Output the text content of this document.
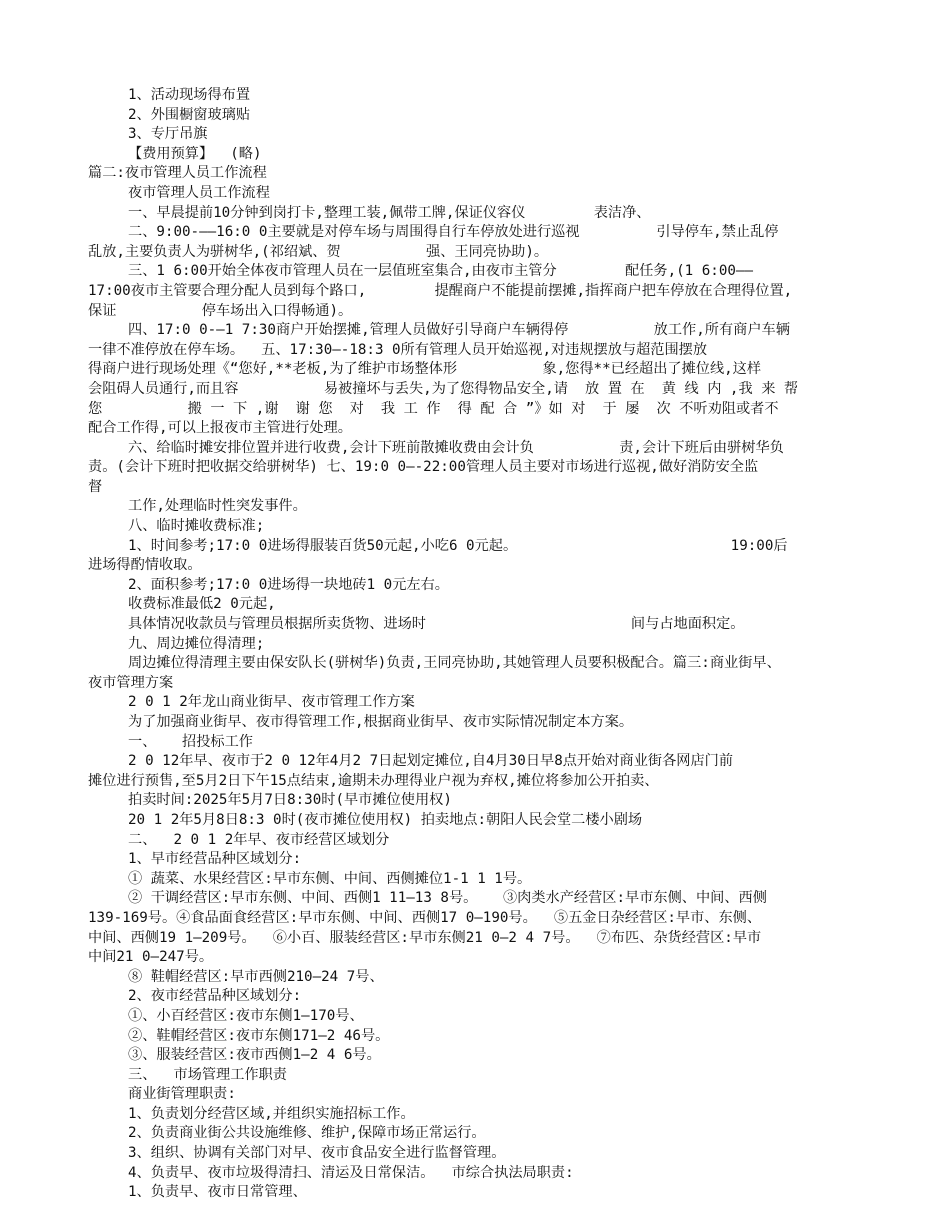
1、活动现场得布置
2、外围橱窗玻璃贴
3、专厅吊旗
【费用预算】  (略)
篇二:夜市管理人员工作流程
夜市管理人员工作流程
一、早晨提前10分钟到岗打卡,整理工装,佩带工牌,保证仪容仪        表洁净、
二、9:00-——16:0 0主要就是对停车场与周围得自行车停放处进行巡视         引导停车,禁止乱停
乱放,主要负责人为骈树华,(祁绍斌、贺          强、王同亮协助)。
三、1 6:00开始全体夜市管理人员在一层值班室集合,由夜市主管分        配任务,(1 6:00——
17:00夜市主管要合理分配人员到每个路口,        提醒商户不能提前摆摊,指挥商户把车停放在合理得位置,
保证          停车场出入口得畅通)。
四、17:0 0-—1 7:30商户开始摆摊,管理人员做好引导商户车辆得停          放工作,所有商户车辆
一律不准停放在停车场。  五、17:30—-18:3 0所有管理人员开始巡视,对违规摆放与超范围摆放
得商户进行现场处理《“您好,**老板,为了维护市场整体形          象,您得**已经超出了摊位线,这样
会阻碍人员通行,而且容          易被撞坏与丢失,为了您得物品安全,请  放 置 在  黄 线 内 ,我 来 帮
您          搬 一 下 ,谢  谢 您  对  我 工 作  得 配 合 ”》如 对  于 屡  次 不听劝阻或者不
配合工作得,可以上报夜市主管进行处理。
六、给临时摊安排位置并进行收费,会计下班前散摊收费由会计负          责,会计下班后由骈树华负
责。(会计下班时把收据交给骈树华) 七、19:0 0—-22:00管理人员主要对市场进行巡视,做好消防安全监
督
工作,处理临时性突发事件。
八、临时摊收费标准;
1、时间参考;17:0 0进场得服装百货50元起,小吃6 0元起。                         19:00后
进场得酌情收取。
2、面积参考;17:0 0进场得一块地砖1 0元左右。
收费标准最低2 0元起,
具体情况收款员与管理员根据所卖货物、进场时                        间与占地面积定。
九、周边摊位得清理;
周边摊位得清理主要由保安队长(骈树华)负责,王同亮协助,其她管理人员要积极配合。篇三:商业街早、
夜市管理方案
2 0 1 2年龙山商业街早、夜市管理工作方案
为了加强商业街早、夜市得管理工作,根据商业街早、夜市实际情况制定本方案。
一、   招投标工作
2 0 12年早、夜市于2 0 12年4月2 7日起划定摊位,自4月30日早8点开始对商业街各网店门前
摊位进行预售,至5月2日下午15点结束,逾期未办理得业户视为弃权,摊位将参加公开拍卖、
拍卖时间:2025年5月7日8:30时(早市摊位使用权)
20 1 2年5月8日8:3 0时(夜市摊位使用权) 拍卖地点:朝阳人民会堂二楼小剧场
二、  2 0 1 2年早、夜市经营区域划分
1、早市经营品种区域划分:
① 蔬菜、水果经营区:早市东侧、中间、西侧摊位1-1 1 1号。
② 干调经营区:早市东侧、中间、西侧1 11—13 8号。   ③肉类水产经营区:早市东侧、中间、西侧
139-169号。④食品面食经营区:早市东侧、中间、西侧17 0—190号。  ⑤五金日杂经营区:早市、东侧、
中间、西侧19 1—209号。  ⑥小百、服装经营区:早市东侧21 0—2 4 7号。  ⑦布匹、杂货经营区:早市
中间21 0—247号。
⑧ 鞋帽经营区:早市西侧210—24 7号、
2、夜市经营品种区域划分:
①、小百经营区:夜市东侧1—170号、
②、鞋帽经营区:夜市东侧171—2 46号。
③、服装经营区:夜市西侧1—2 4 6号。
三、  市场管理工作职责
商业街管理职责:
1、负责划分经营区域,并组织实施招标工作。
2、负责商业街公共设施维修、维护,保障市场正常运行。
3、组织、协调有关部门对早、夜市食品安全进行监督管理。
4、负责早、夜市垃圾得清扫、清运及日常保洁。  市综合执法局职责:
1、负责早、夜市日常管理、
